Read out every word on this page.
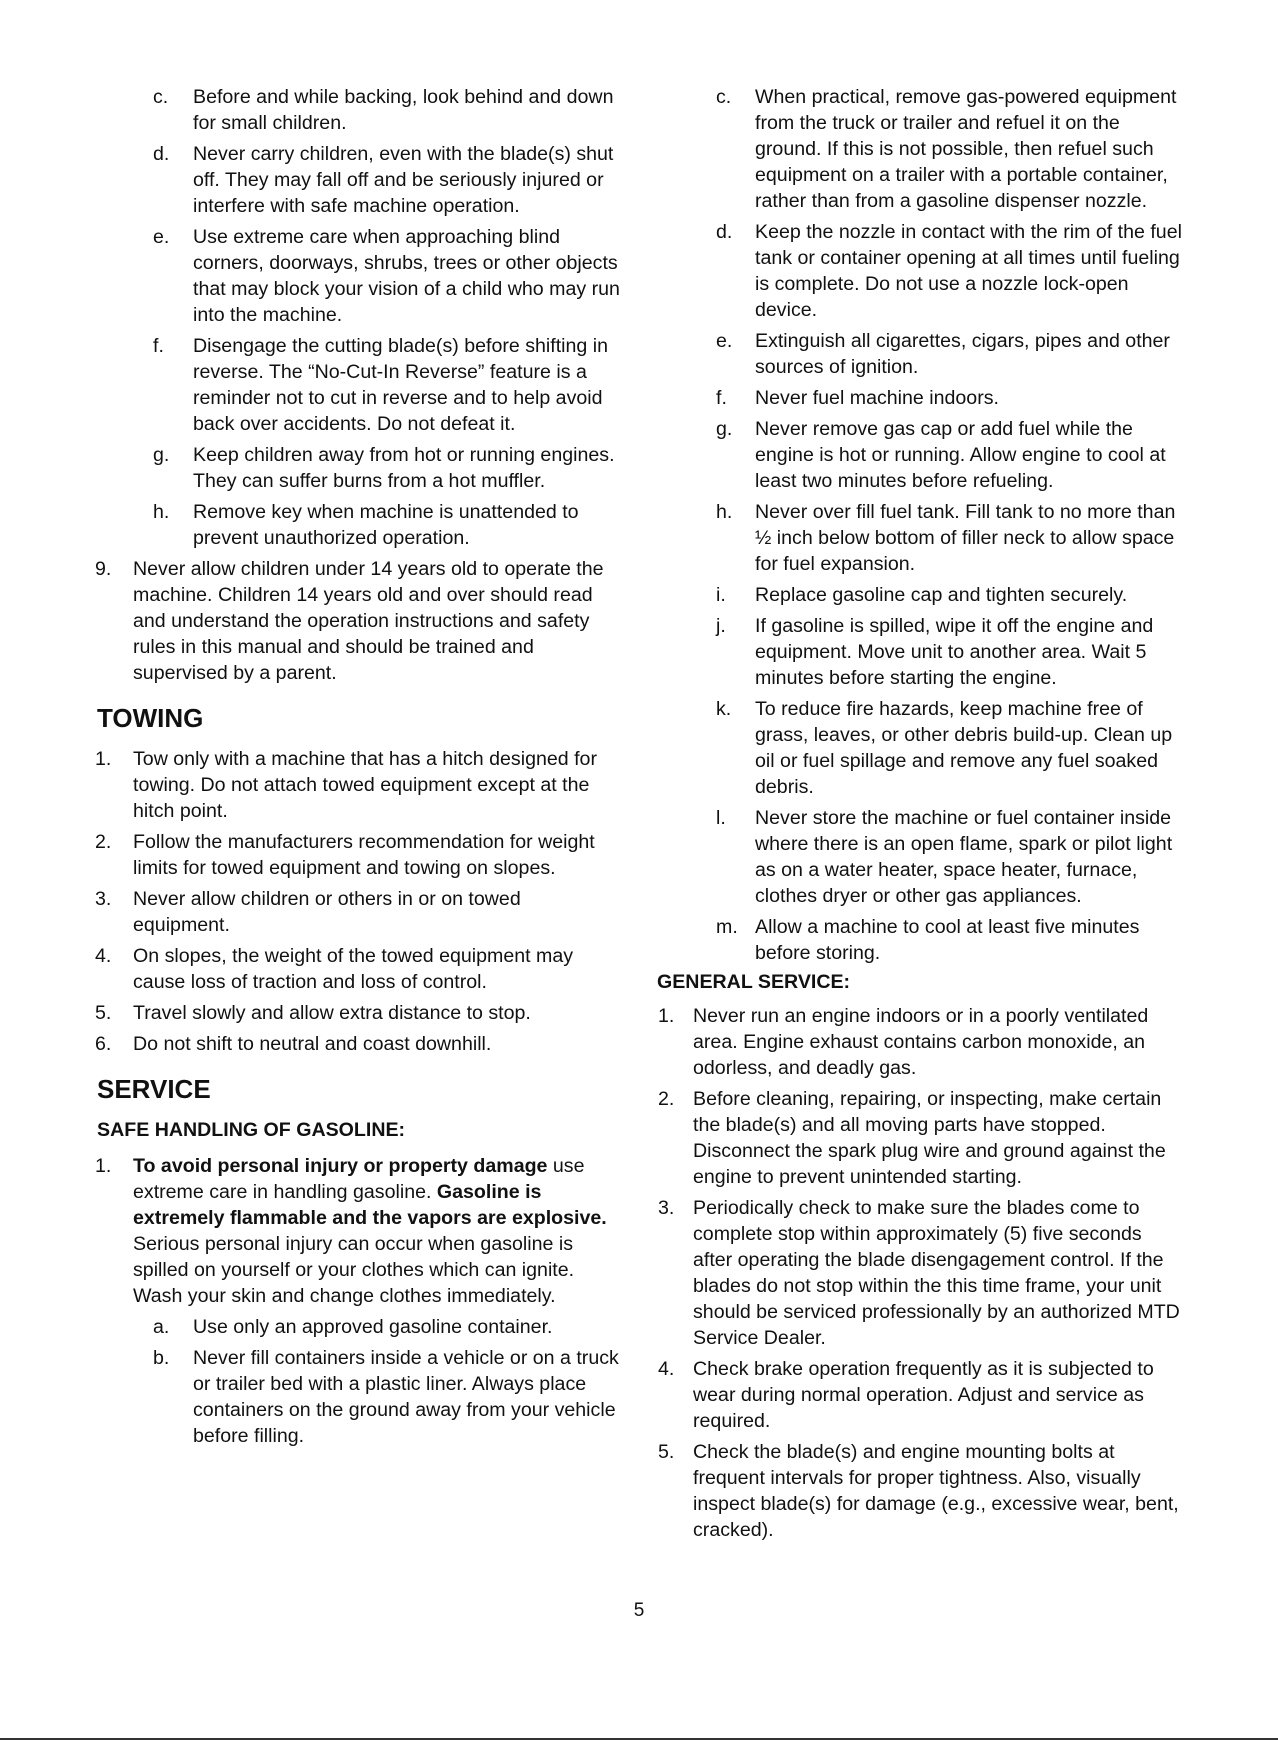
c. Before and while backing, look behind and down for small children.
d. Never carry children, even with the blade(s) shut off. They may fall off and be seriously injured or interfere with safe machine operation.
e. Use extreme care when approaching blind corners, doorways, shrubs, trees or other objects that may block your vision of a child who may run into the machine.
f. Disengage the cutting blade(s) before shifting in reverse. The “No-Cut-In Reverse” feature is a reminder not to cut in reverse and to help avoid back over accidents. Do not defeat it.
g. Keep children away from hot or running engines. They can suffer burns from a hot muffler.
h. Remove key when machine is unattended to prevent unauthorized operation.
9. Never allow children under 14 years old to operate the machine. Children 14 years old and over should read and understand the operation instructions and safety rules in this manual and should be trained and supervised by a parent.
TOWING
1. Tow only with a machine that has a hitch designed for towing. Do not attach towed equipment except at the hitch point.
2. Follow the manufacturers recommendation for weight limits for towed equipment and towing on slopes.
3. Never allow children or others in or on towed equipment.
4. On slopes, the weight of the towed equipment may cause loss of traction and loss of control.
5. Travel slowly and allow extra distance to stop.
6. Do not shift to neutral and coast downhill.
SERVICE
SAFE HANDLING OF GASOLINE:
1. To avoid personal injury or property damage use extreme care in handling gasoline. Gasoline is extremely flammable and the vapors are explosive. Serious personal injury can occur when gasoline is spilled on yourself or your clothes which can ignite. Wash your skin and change clothes immediately.
a. Use only an approved gasoline container.
b. Never fill containers inside a vehicle or on a truck or trailer bed with a plastic liner. Always place containers on the ground away from your vehicle before filling.
c. When practical, remove gas-powered equipment from the truck or trailer and refuel it on the ground. If this is not possible, then refuel such equipment on a trailer with a portable container, rather than from a gasoline dispenser nozzle.
d. Keep the nozzle in contact with the rim of the fuel tank or container opening at all times until fueling is complete. Do not use a nozzle lock-open device.
e. Extinguish all cigarettes, cigars, pipes and other sources of ignition.
f. Never fuel machine indoors.
g. Never remove gas cap or add fuel while the engine is hot or running. Allow engine to cool at least two minutes before refueling.
h. Never over fill fuel tank. Fill tank to no more than ½ inch below bottom of filler neck to allow space for fuel expansion.
i. Replace gasoline cap and tighten securely.
j. If gasoline is spilled, wipe it off the engine and equipment. Move unit to another area. Wait 5 minutes before starting the engine.
k. To reduce fire hazards, keep machine free of grass, leaves, or other debris build-up. Clean up oil or fuel spillage and remove any fuel soaked debris.
l. Never store the machine or fuel container inside where there is an open flame, spark or pilot light as on a water heater, space heater, furnace, clothes dryer or other gas appliances.
m. Allow a machine to cool at least five minutes before storing.
GENERAL SERVICE:
1. Never run an engine indoors or in a poorly ventilated area. Engine exhaust contains carbon monoxide, an odorless, and deadly gas.
2. Before cleaning, repairing, or inspecting, make certain the blade(s) and all moving parts have stopped. Disconnect the spark plug wire and ground against the engine to prevent unintended starting.
3. Periodically check to make sure the blades come to complete stop within approximately (5) five seconds after operating the blade disengagement control. If the blades do not stop within the this time frame, your unit should be serviced professionally by an authorized MTD Service Dealer.
4. Check brake operation frequently as it is subjected to wear during normal operation. Adjust and service as required.
5. Check the blade(s) and engine mounting bolts at frequent intervals for proper tightness. Also, visually inspect blade(s) for damage (e.g., excessive wear, bent, cracked).
5
